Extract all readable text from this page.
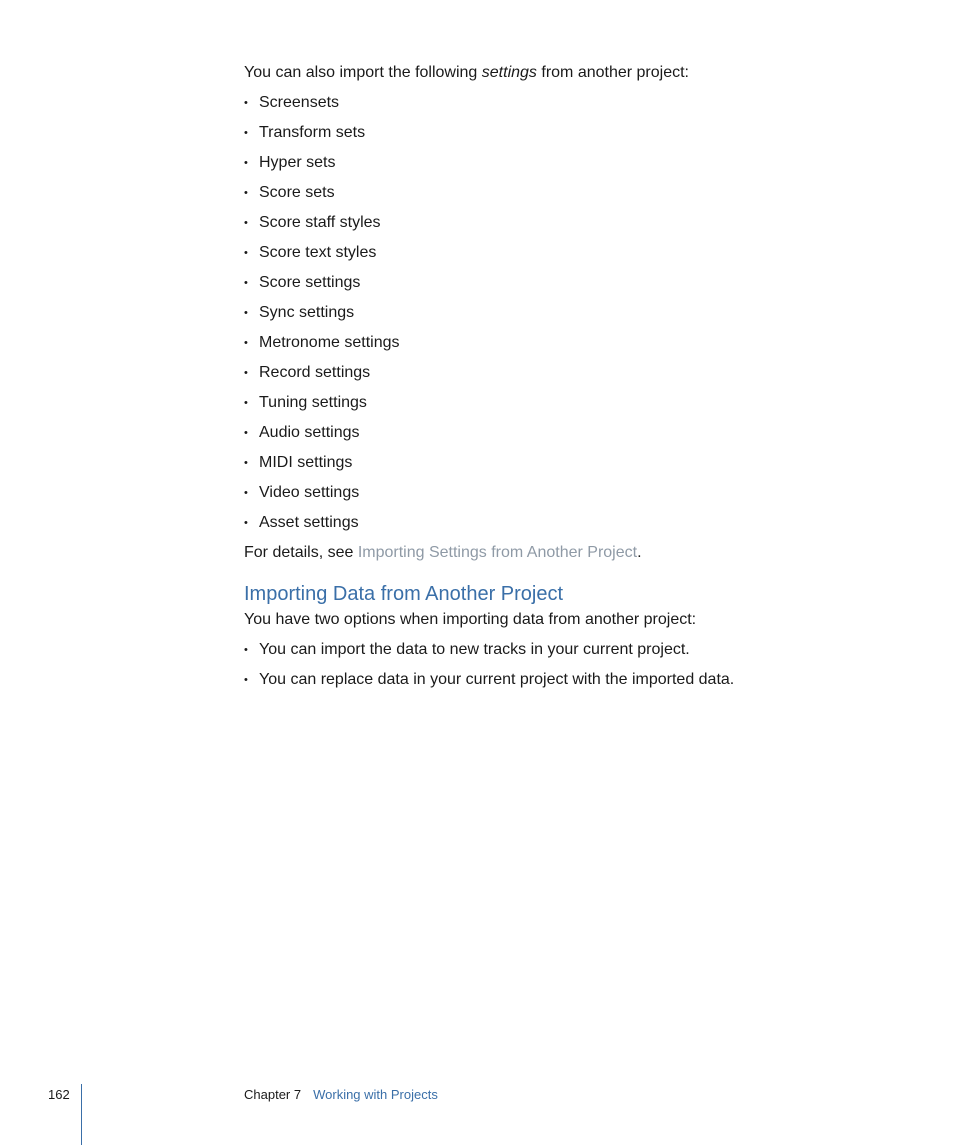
You can also import the following settings from another project:

• Screensets
• Transform sets
• Hyper sets
• Score sets
• Score staff styles
• Score text styles
• Score settings
• Sync settings
• Metronome settings
• Record settings
• Tuning settings
• Audio settings
• MIDI settings
• Video settings
• Asset settings

For details, see Importing Settings from Another Project.

Importing Data from Another Project

You have two options when importing data from another project:

• You can import the data to new tracks in your current project.
• You can replace data in your current project with the imported data.
162	Chapter 7 Working with Projects
